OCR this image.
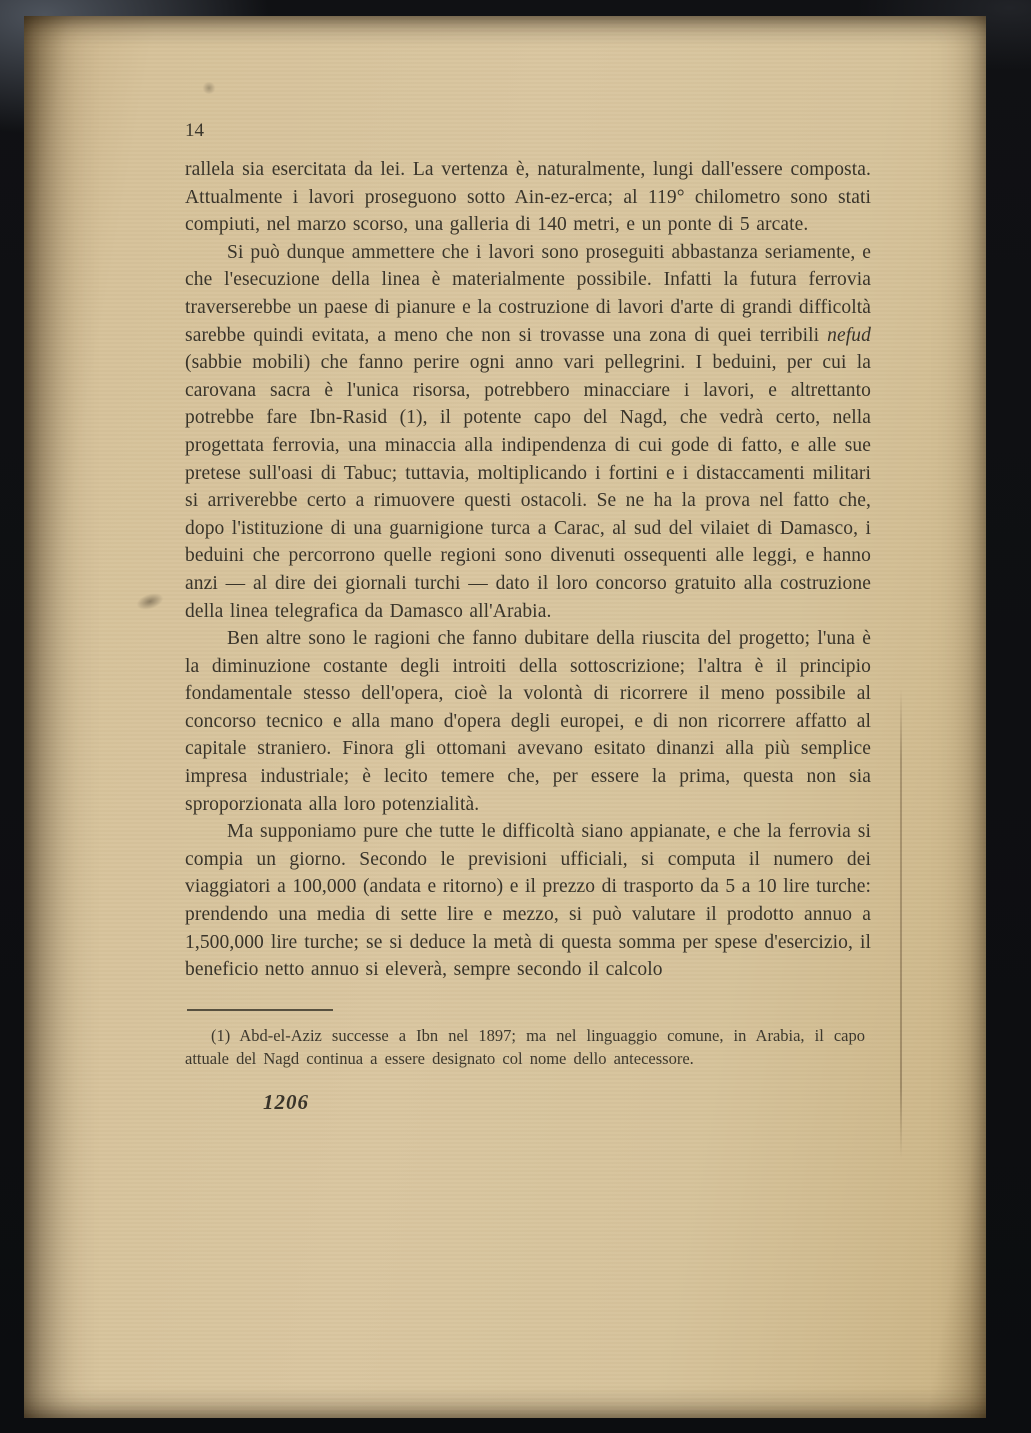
14

rallela sia esercitata da lei. La vertenza è, naturalmente, lungi dall'essere composta. Attualmente i lavori proseguono sotto Ain-ez-erca; al 119° chilometro sono stati compiuti, nel marzo scorso, una galleria di 140 metri, e un ponte di 5 arcate.

Si può dunque ammettere che i lavori sono proseguiti abbastanza seriamente, e che l'esecuzione della linea è materialmente possibile. Infatti la futura ferrovia traverserebbe un paese di pianure e la costruzione di lavori d'arte di grandi difficoltà sarebbe quindi evitata, a meno che non si trovasse una zona di quei terribili nefud (sabbie mobili) che fanno perire ogni anno vari pellegrini. I beduini, per cui la carovana sacra è l'unica risorsa, potrebbero minacciare i lavori, e altrettanto potrebbe fare Ibn-Rasid (1), il potente capo del Nagd, che vedrà certo, nella progettata ferrovia, una minaccia alla indipendenza di cui gode di fatto, e alle sue pretese sull'oasi di Tabuc; tuttavia, moltiplicando i fortini e i distaccamenti militari si arriverebbe certo a rimuovere questi ostacoli. Se ne ha la prova nel fatto che, dopo l'istituzione di una guarnigione turca a Carac, al sud del vilaiet di Damasco, i beduini che percorrono quelle regioni sono divenuti ossequenti alle leggi, e hanno anzi — al dire dei giornali turchi — dato il loro concorso gratuito alla costruzione della linea telegrafica da Damasco all'Arabia.

Ben altre sono le ragioni che fanno dubitare della riuscita del progetto; l'una è la diminuzione costante degli introiti della sottoscrizione; l'altra è il principio fondamentale stesso dell'opera, cioè la volontà di ricorrere il meno possibile al concorso tecnico e alla mano d'opera degli europei, e di non ricorrere affatto al capitale straniero. Finora gli ottomani avevano esitato dinanzi alla più semplice impresa industriale; è lecito temere che, per essere la prima, questa non sia sproporzionata alla loro potenzialità.

Ma supponiamo pure che tutte le difficoltà siano appianate, e che la ferrovia si compia un giorno. Secondo le previsioni ufficiali, si computa il numero dei viaggiatori a 100,000 (andata e ritorno) e il prezzo di trasporto da 5 a 10 lire turche: prendendo una media di sette lire e mezzo, si può valutare il prodotto annuo a 1,500,000 lire turche; se si deduce la metà di questa somma per spese d'esercizio, il beneficio netto annuo si eleverà, sempre secondo il calcolo

(1) Abd-el-Aziz successe a Ibn nel 1897; ma nel linguaggio comune, in Arabia, il capo attuale del Nagd continua a essere designato col nome dello antecessore.

1206
